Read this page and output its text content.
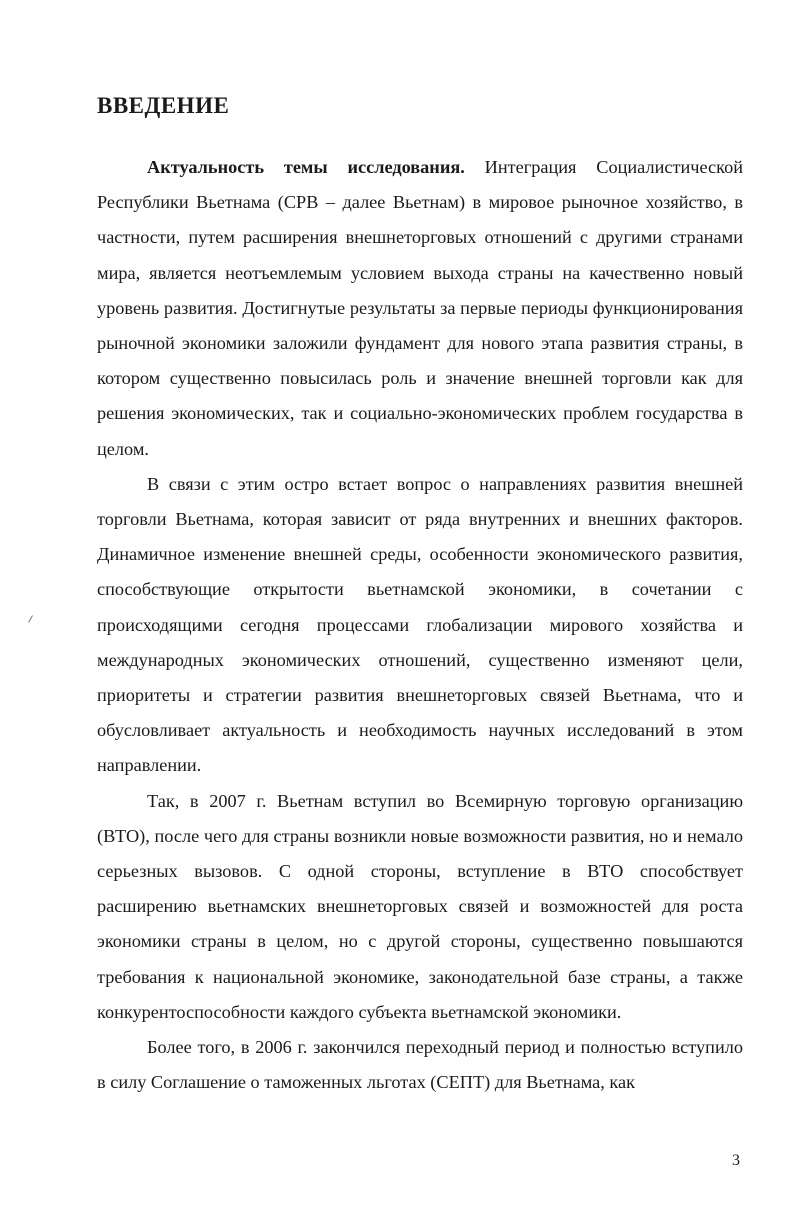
ВВЕДЕНИЕ

Актуальность темы исследования. Интеграция Социалистической Республики Вьетнама (СРВ – далее Вьетнам) в мировое рыночное хозяйство, в частности, путем расширения внешнеторговых отношений с другими странами мира, является неотъемлемым условием выхода страны на качественно новый уровень развития. Достигнутые результаты за первые периоды функционирования рыночной экономики заложили фундамент для нового этапа развития страны, в котором существенно повысилась роль и значение внешней торговли как для решения экономических, так и социально-экономических проблем государства в целом.

В связи с этим остро встает вопрос о направлениях развития внешней торговли Вьетнама, которая зависит от ряда внутренних и внешних факторов. Динамичное изменение внешней среды, особенности экономического развития, способствующие открытости вьетнамской экономики, в сочетании с происходящими сегодня процессами глобализации мирового хозяйства и международных экономических отношений, существенно изменяют цели, приоритеты и стратегии развития внешнеторговых связей Вьетнама, что и обусловливает актуальность и необходимость научных исследований в этом направлении.

Так, в 2007 г. Вьетнам вступил во Всемирную торговую организацию (ВТО), после чего для страны возникли новые возможности развития, но и немало серьезных вызовов. С одной стороны, вступление в ВТО способствует расширению вьетнамских внешнеторговых связей и возможностей для роста экономики страны в целом, но с другой стороны, существенно повышаются требования к национальной экономике, законодательной базе страны, а также конкурентоспособности каждого субъекта вьетнамской экономики.

Более того, в 2006 г. закончился переходный период и полностью вступило в силу Соглашение о таможенных льготах (СЕПТ) для Вьетнама, как

3
